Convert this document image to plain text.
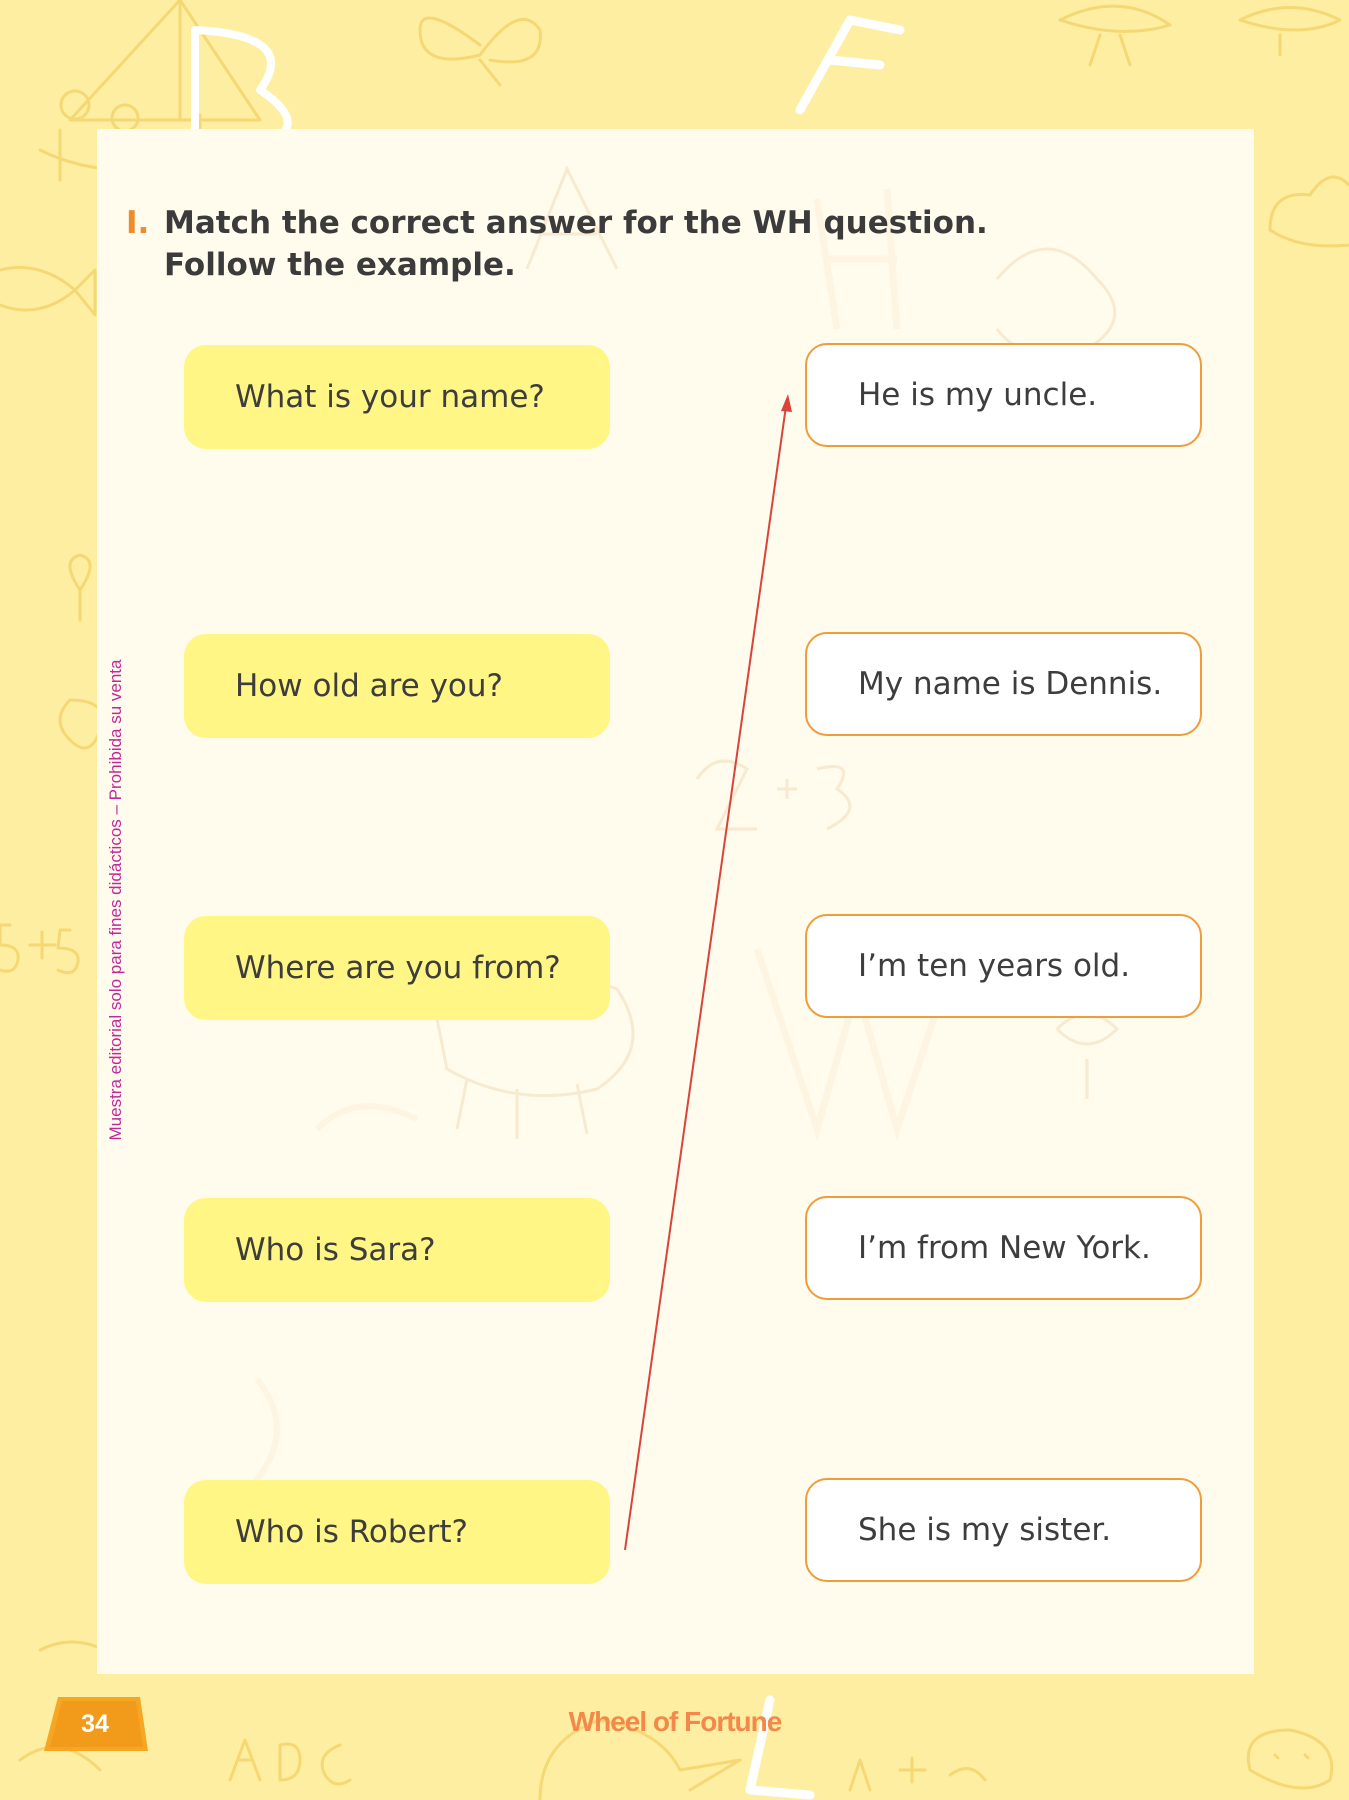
I. Match the correct answer for the WH question.
Follow the example.
What is your name?
How old are you?
Where are you from?
Who is Sara?
Who is Robert?
He is my uncle.
My name is Dennis.
I’m ten years old.
I’m from New York.
She is my sister.
Muestra editorial solo para fines didácticos – Prohibida su venta
34	Wheel of Fortune
